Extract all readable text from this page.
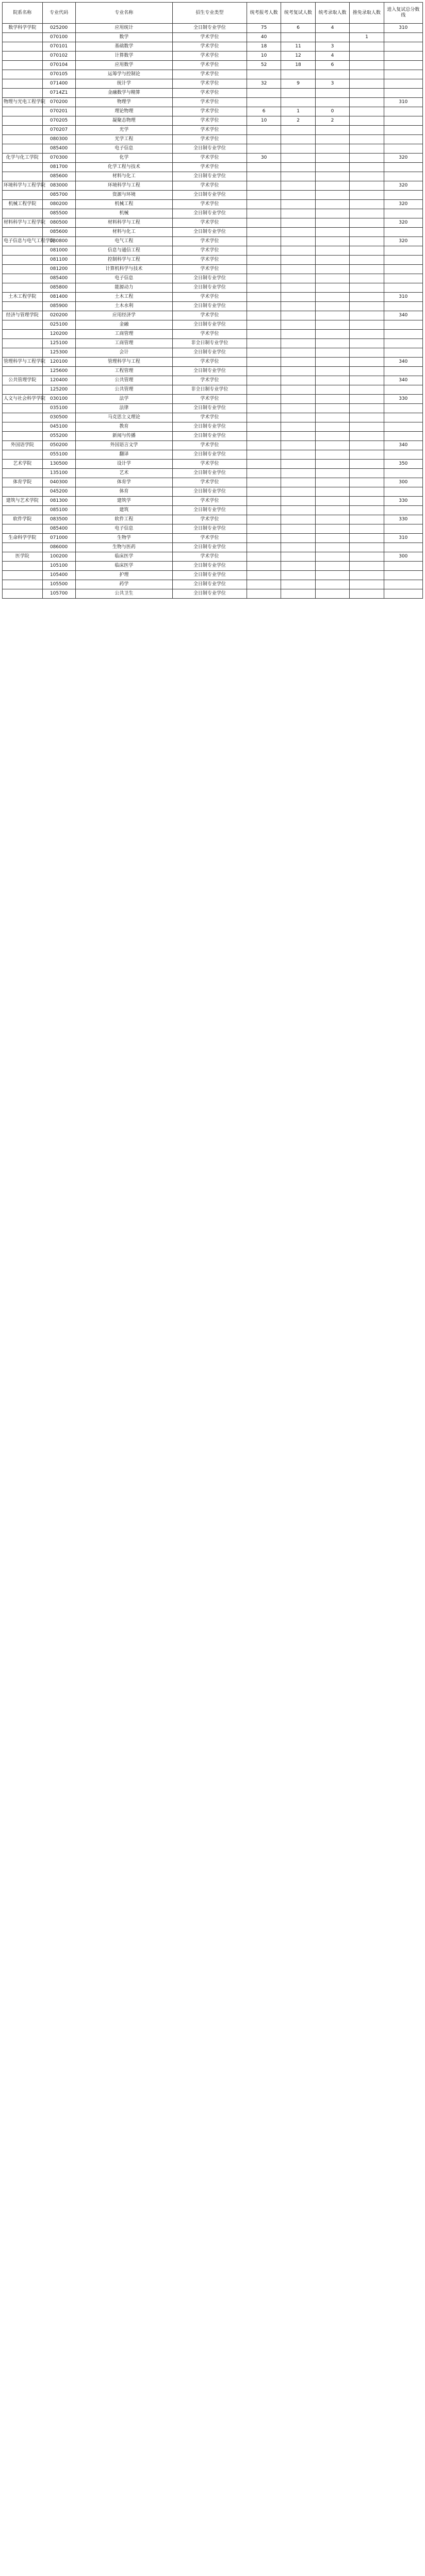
院系名称	专业代码	专业名称	招生专业类型	统考报考人数	统考复试人数	统考录取人数	推免录取人数	进入复试总分数线
数学科学学院	025200	应用统计	全日制专业学位	75	6	4		310
	070100	数学	学术学位	40			1	
	070101	基础数学	学术学位	18	11	3		
	070102	计算数学	学术学位	10	12	4		
	070104	应用数学	学术学位	52	18	6		
	070105	运筹学与控制论	学术学位					
	071400	统计学	学术学位	32	9	3		
	0714Z1	金融数学与精算	学术学位					
物理与光电工程学院	070200	物理学	学术学位					310
	070201	理论物理	学术学位	6	1	0		
	070205	凝聚态物理	学术学位	10	2	2		
	070207	光学	学术学位					
	080300	光学工程	学术学位					
	085400	电子信息	全日制专业学位					
化学与化工学院	070300	化学	学术学位	30				320
	081700	化学工程与技术	学术学位					
	085600	材料与化工	全日制专业学位					
环境科学与工程学院	083000	环境科学与工程	学术学位					320
	085700	资源与环境	全日制专业学位					
机械工程学院	080200	机械工程	学术学位					320
	085500	机械	全日制专业学位					
材料科学与工程学院	080500	材料科学与工程	学术学位					320
	085600	材料与化工	全日制专业学位					
电子信息与电气工程学院	080800	电气工程	学术学位					320
	081000	信息与通信工程	学术学位					
	081100	控制科学与工程	学术学位					
	081200	计算机科学与技术	学术学位					
	085400	电子信息	全日制专业学位					
	085800	能源动力	全日制专业学位					
土木工程学院	081400	土木工程	学术学位					310
	085900	土木水利	全日制专业学位					
经济与管理学院	020200	应用经济学	学术学位					340
	025100	金融	全日制专业学位					
	120200	工商管理	学术学位					
	125100	工商管理	非全日制专业学位					
	125300	会计	全日制专业学位					
管理科学与工程学院	120100	管理科学与工程	学术学位					340
	125600	工程管理	全日制专业学位					
公共管理学院	120400	公共管理	学术学位					340
	125200	公共管理	非全日制专业学位					
人文与社会科学学院	030100	法学	学术学位					330
	035100	法律	全日制专业学位					
	030500	马克思主义理论	学术学位					
	045100	教育	全日制专业学位					
	055200	新闻与传播	全日制专业学位					
外国语学院	050200	外国语言文学	学术学位					340
	055100	翻译	全日制专业学位					
艺术学院	130500	设计学	学术学位					350
	135100	艺术	全日制专业学位					
体育学院	040300	体育学	学术学位					300
	045200	体育	全日制专业学位					
建筑与艺术学院	081300	建筑学	学术学位					330
	085100	建筑	全日制专业学位					
软件学院	083500	软件工程	学术学位					330
	085400	电子信息	全日制专业学位					
生命科学学院	071000	生物学	学术学位					310
	086000	生物与医药	全日制专业学位					
医学院	100200	临床医学	学术学位					300
	105100	临床医学	全日制专业学位					
	105400	护理	全日制专业学位					
	105500	药学	全日制专业学位					
	105700	公共卫生	全日制专业学位					
